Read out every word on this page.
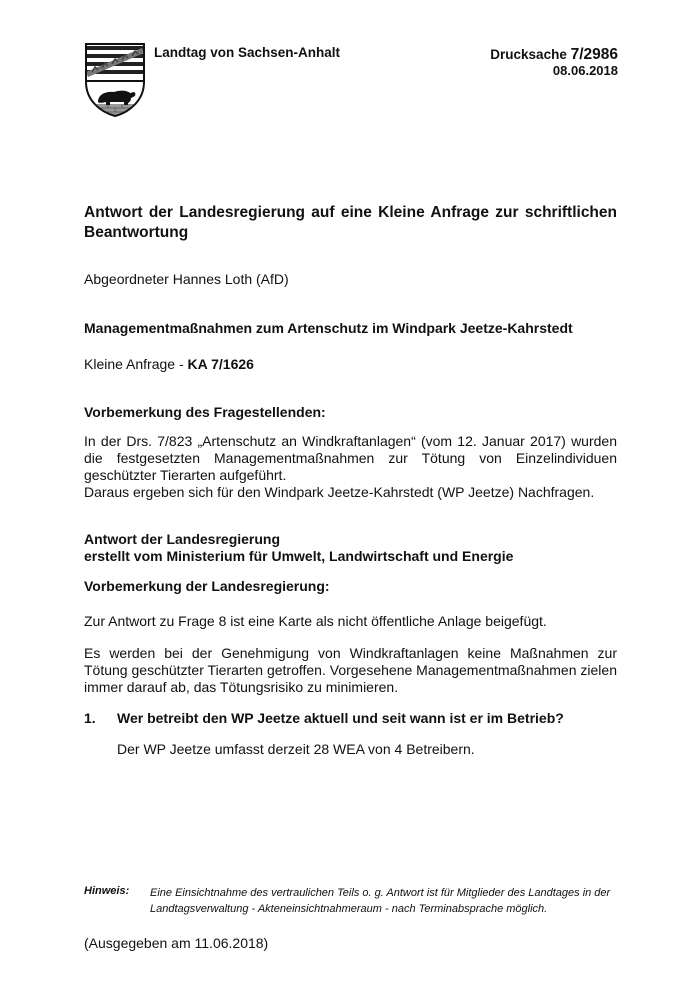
Landtag von Sachsen-Anhalt	Drucksache 7/2986
08.06.2018
Antwort der Landesregierung auf eine Kleine Anfrage zur schriftlichen Beantwortung
Abgeordneter Hannes Loth (AfD)
Managementmaßnahmen zum Artenschutz im Windpark Jeetze-Kahrstedt
Kleine Anfrage - KA 7/1626
Vorbemerkung des Fragestellenden:
In der Drs. 7/823 „Artenschutz an Windkraftanlagen“ (vom 12. Januar 2017) wurden die festgesetzten Managementmaßnahmen zur Tötung von Einzelindividuen geschützter Tierarten aufgeführt.
Daraus ergeben sich für den Windpark Jeetze-Kahrstedt (WP Jeetze) Nachfragen.
Antwort der Landesregierung
erstellt vom Ministerium für Umwelt, Landwirtschaft und Energie
Vorbemerkung der Landesregierung:
Zur Antwort zu Frage 8 ist eine Karte als nicht öffentliche Anlage beigefügt.
Es werden bei der Genehmigung von Windkraftanlagen keine Maßnahmen zur Tötung geschützter Tierarten getroffen. Vorgesehene Managementmaßnahmen zielen immer darauf ab, das Tötungsrisiko zu minimieren.
1. Wer betreibt den WP Jeetze aktuell und seit wann ist er im Betrieb?
Der WP Jeetze umfasst derzeit 28 WEA von 4 Betreibern.
Hinweis: Eine Einsichtnahme des vertraulichen Teils o. g. Antwort ist für Mitglieder des Landtages in der Landtagsverwaltung - Akteneinsichtnahmeraum - nach Terminabsprache möglich.
(Ausgegeben am 11.06.2018)
